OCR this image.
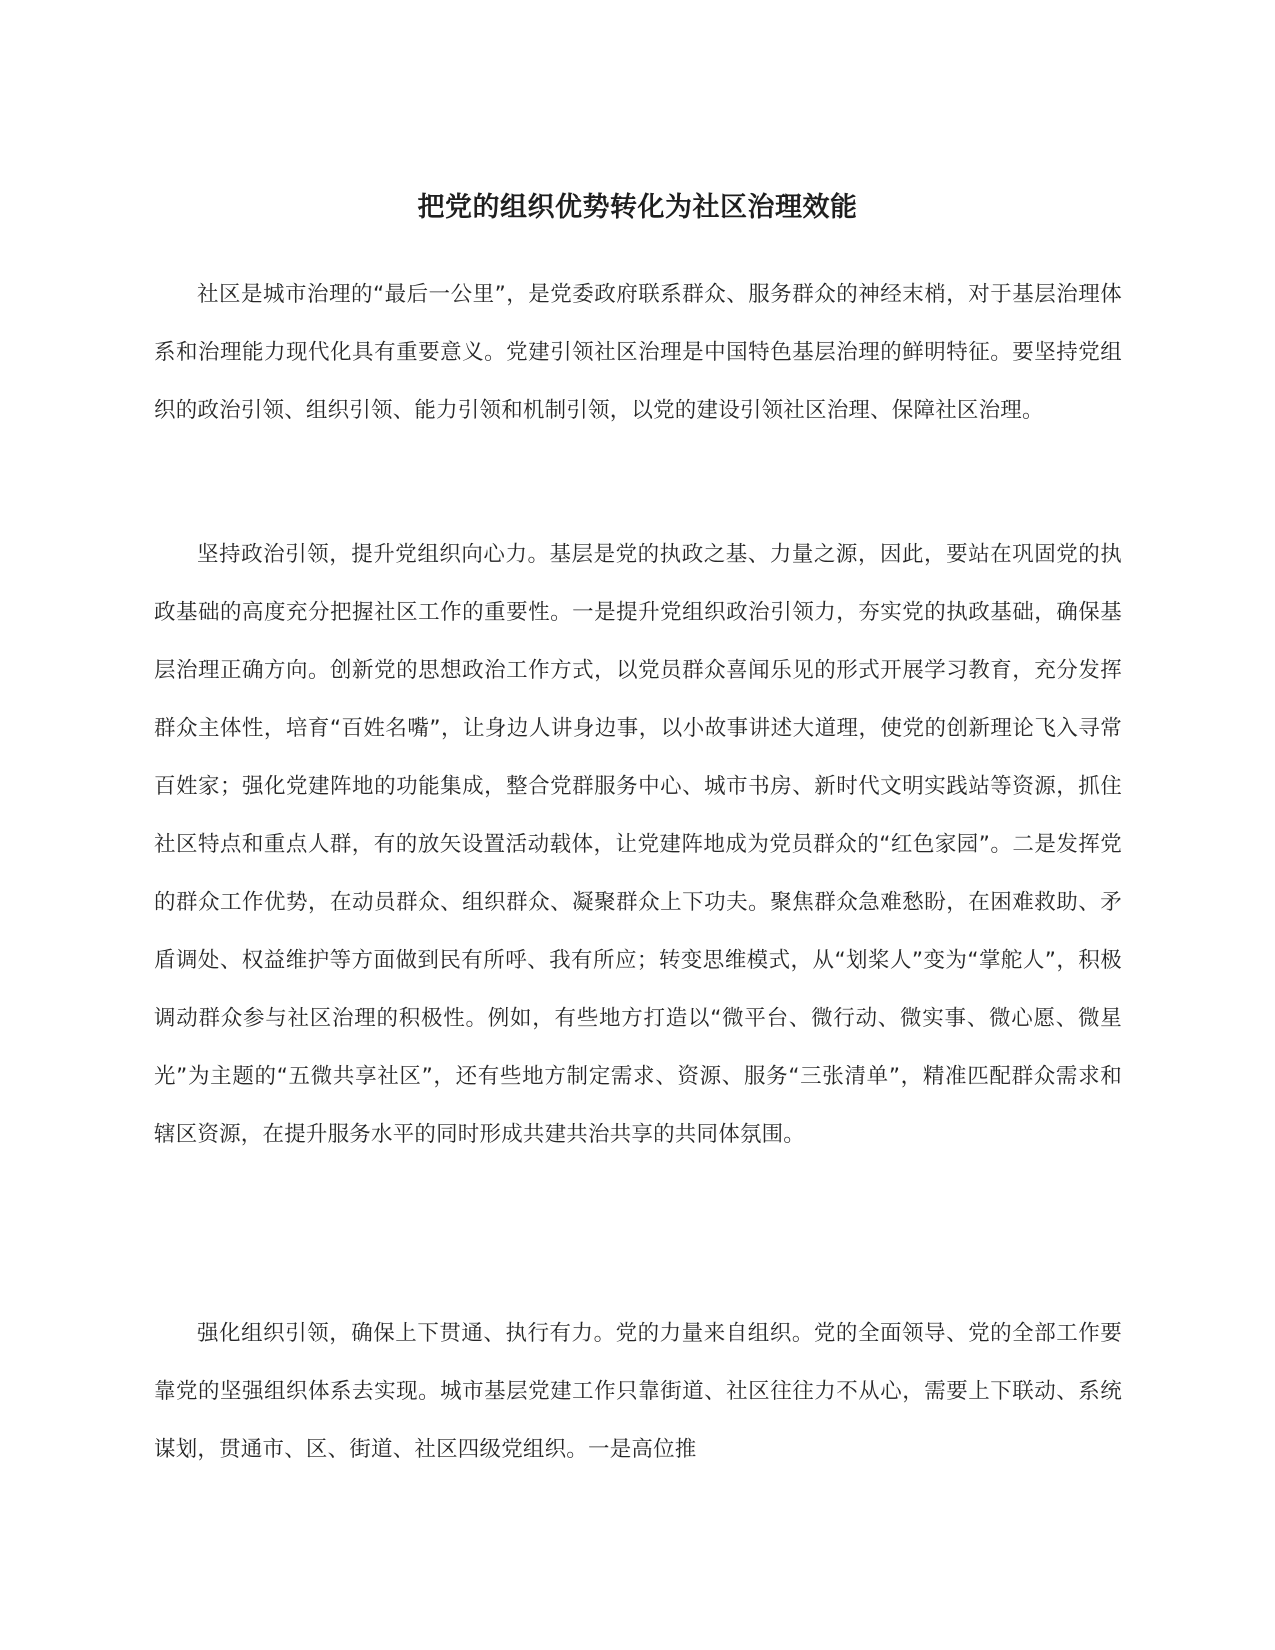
把党的组织优势转化为社区治理效能

社区是城市治理的“最后一公里”，是党委政府联系群众、服务群众的神经末梢，对于基层治理体系和治理能力现代化具有重要意义。党建引领社区治理是中国特色基层治理的鲜明特征。要坚持党组织的政治引领、组织引领、能力引领和机制引领，以党的建设引领社区治理、保障社区治理。

坚持政治引领，提升党组织向心力。基层是党的执政之基、力量之源，因此，要站在巩固党的执政基础的高度充分把握社区工作的重要性。一是提升党组织政治引领力，夯实党的执政基础，确保基层治理正确方向。创新党的思想政治工作方式，以党员群众喜闻乐见的形式开展学习教育，充分发挥群众主体性，培育“百姓名嘴”，让身边人讲身边事，以小故事讲述大道理，使党的创新理论飞入寻常百姓家；强化党建阵地的功能集成，整合党群服务中心、城市书房、新时代文明实践站等资源，抓住社区特点和重点人群，有的放矢设置活动载体，让党建阵地成为党员群众的“红色家园”。二是发挥党的群众工作优势，在动员群众、组织群众、凝聚群众上下功夫。聚焦群众急难愁盼，在困难救助、矛盾调处、权益维护等方面做到民有所呼、我有所应；转变思维模式，从“划桨人”变为“掌舵人”，积极调动群众参与社区治理的积极性。例如，有些地方打造以“微平台、微行动、微实事、微心愿、微星光”为主题的“五微共享社区”，还有些地方制定需求、资源、服务“三张清单”，精准匹配群众需求和辖区资源，在提升服务水平的同时形成共建共治共享的共同体氛围。

强化组织引领，确保上下贯通、执行有力。党的力量来自组织。党的全面领导、党的全部工作要靠党的坚强组织体系去实现。城市基层党建工作只靠街道、社区往往力不从心，需要上下联动、系统谋划，贯通市、区、街道、社区四级党组织。一是高位推
